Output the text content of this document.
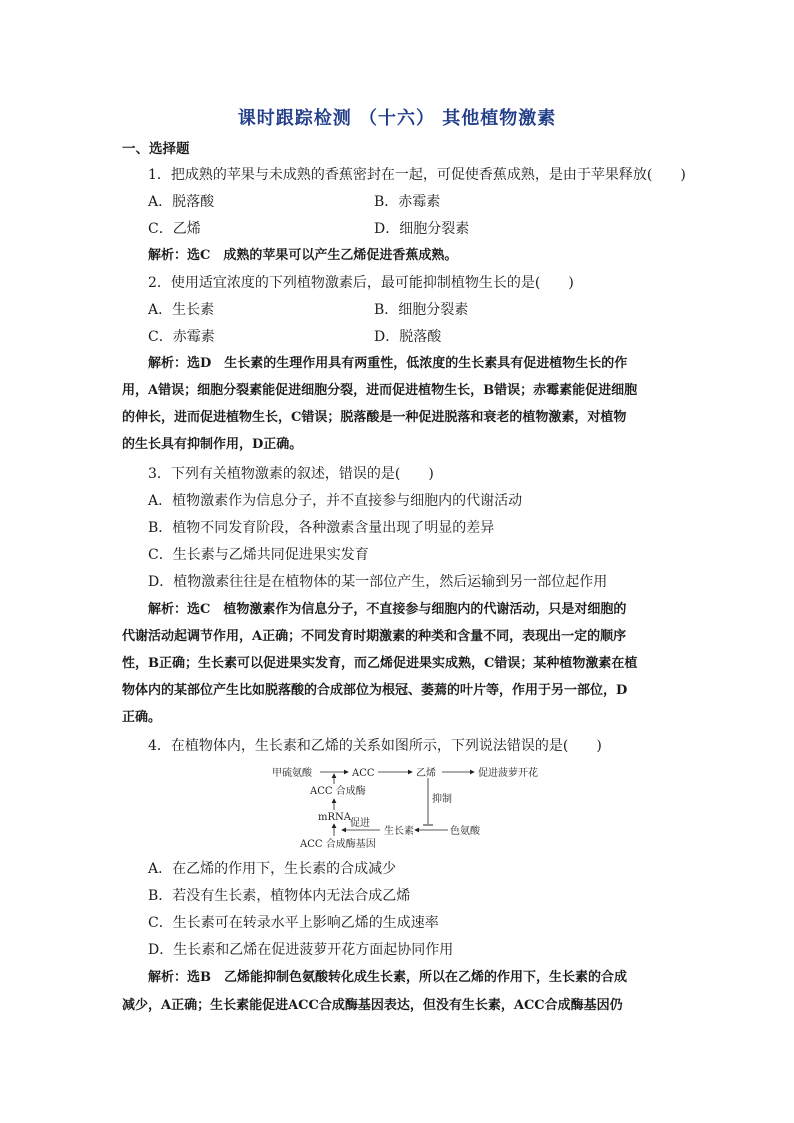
课时跟踪检测 （十六） 其他植物激素
一、选择题
1．把成熟的苹果与未成熟的香蕉密封在一起，可促使香蕉成熟，是由于苹果释放(　　)
A．脱落酸	B．赤霉素
C．乙烯	D．细胞分裂素
解析：选C　成熟的苹果可以产生乙烯促进香蕉成熟。
2．使用适宜浓度的下列植物激素后，最可能抑制植物生长的是(　　)
A．生长素	B．细胞分裂素
C．赤霉素	D．脱落酸
解析：选D　生长素的生理作用具有两重性，低浓度的生长素具有促进植物生长的作
用，A错误；细胞分裂素能促进细胞分裂，进而促进植物生长，B错误；赤霉素能促进细胞
的伸长，进而促进植物生长，C错误；脱落酸是一种促进脱落和衰老的植物激素，对植物
的生长具有抑制作用，D正确。
3．下列有关植物激素的叙述，错误的是(　　)
A．植物激素作为信息分子，并不直接参与细胞内的代谢活动
B．植物不同发育阶段，各种激素含量出现了明显的差异
C．生长素与乙烯共同促进果实发育
D．植物激素往往是在植物体的某一部位产生，然后运输到另一部位起作用
解析：选C　植物激素作为信息分子，不直接参与细胞内的代谢活动，只是对细胞的
代谢活动起调节作用，A正确；不同发育时期激素的种类和含量不同，表现出一定的顺序
性，B正确；生长素可以促进果实发育，而乙烯促进果实成熟，C错误；某种植物激素在植
物体内的某部位产生比如脱落酸的合成部位为根冠、萎蔫的叶片等，作用于另一部位，D
正确。
4．在植物体内，生长素和乙烯的关系如图所示，下列说法错误的是(　　)
甲硫氨酸	ACC	乙烯	促进菠萝开花
ACC 合成酶
mRNA
ACC 合成酶基因
促进
生长素	色氨酸
抑制
A．在乙烯的作用下，生长素的合成减少
B．若没有生长素，植物体内无法合成乙烯
C．生长素可在转录水平上影响乙烯的生成速率
D．生长素和乙烯在促进菠萝开花方面起协同作用
解析：选B　乙烯能抑制色氨酸转化成生长素，所以在乙烯的作用下，生长素的合成
减少，A正确；生长素能促进ACC合成酶基因表达，但没有生长素，ACC合成酶基因仍
